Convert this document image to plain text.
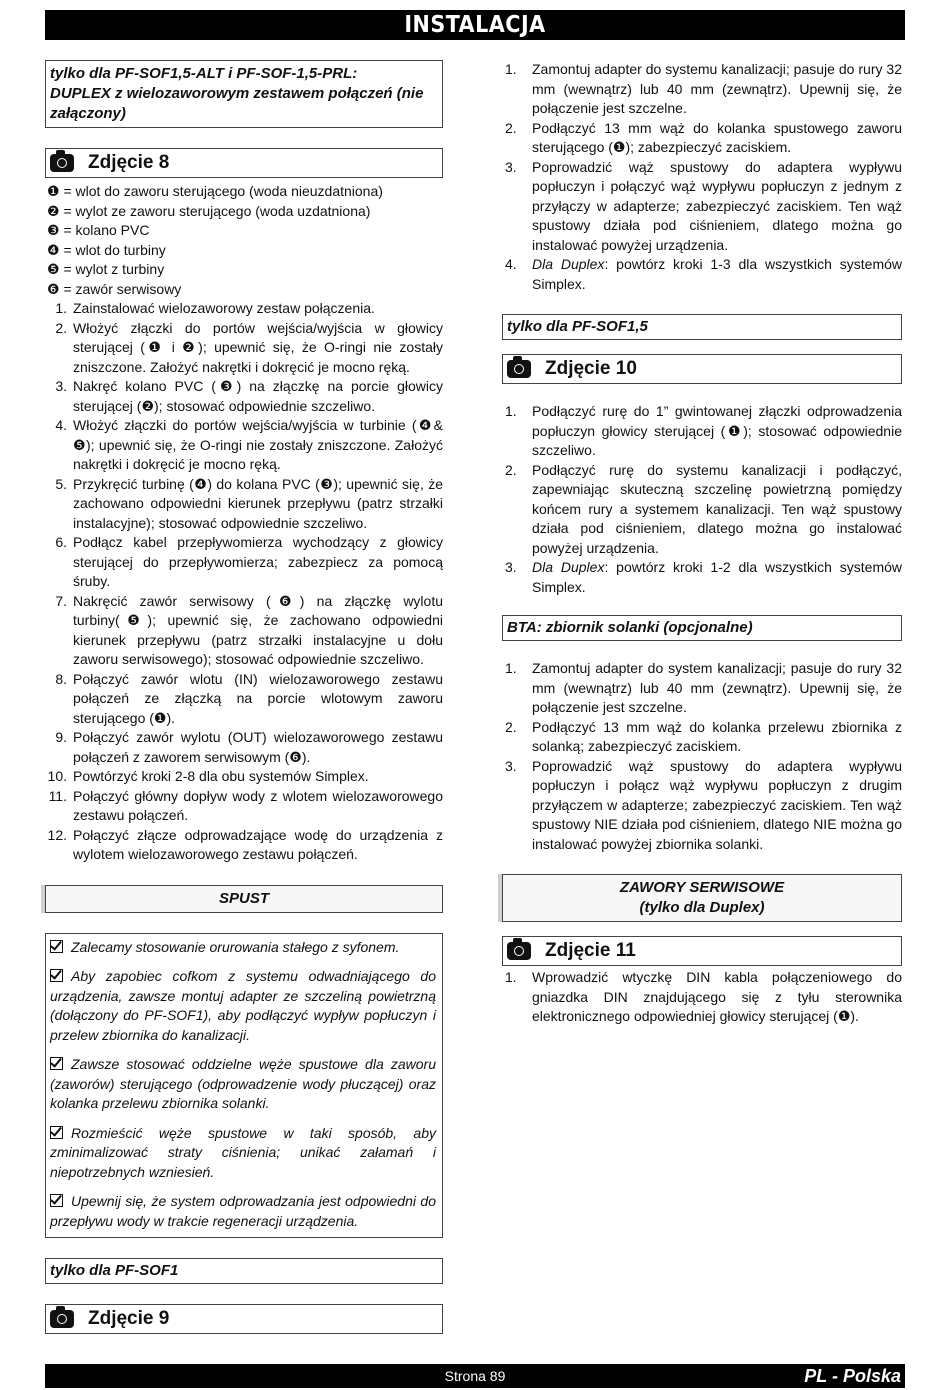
INSTALACJA
tylko dla PF-SOF1,5-ALT i PF-SOF-1,5-PRL:
DUPLEX z wielozaworowym zestawem połączeń (nie załączony)
Zdjęcie 8
❶ = wlot do zaworu sterującego (woda nieuzdatniona)
❷ = wylot ze zaworu sterującego (woda uzdatniona)
❸ = kolano PVC
❹ = wlot do turbiny
❺ = wylot z turbiny
❻ = zawór serwisowy
1. Zainstalować wielozaworowy zestaw połączenia.
2. Włożyć złączki do portów wejścia/wyjścia w głowicy sterującej (❶ i ❷); upewnić się, że O-ringi nie zostały zniszczone. Założyć nakrętki i dokręcić je mocno ręką.
3. Nakręć kolano PVC (❸) na złączkę na porcie głowicy sterującej (❷); stosować odpowiednie szczeliwo.
4. Włożyć złączki do portów wejścia/wyjścia w turbinie (❹& ❺); upewnić się, że O-ringi nie zostały zniszczone. Założyć nakrętki i dokręcić je mocno ręką.
5. Przykręcić turbinę (❹) do kolana PVC (❸); upewnić się, że zachowano odpowiedni kierunek przepływu (patrz strzałki instalacyjne); stosować odpowiednie szczeliwo.
6. Podłącz kabel przepływomierza wychodzący z głowicy sterującej do przepływomierza; zabezpiecz za pomocą śruby.
7. Nakręcić zawór serwisowy (❻) na złączkę wylotu turbiny(❺); upewnić się, że zachowano odpowiedni kierunek przepływu (patrz strzałki instalacyjne u dołu zaworu serwisowego); stosować odpowiednie szczeliwo.
8. Połączyć zawór wlotu (IN) wielozaworowego zestawu połączeń ze złączką na porcie wlotowym zaworu sterującego (❶).
9. Połączyć zawór wylotu (OUT) wielozaworowego zestawu połączeń z zaworem serwisowym (❻).
10. Powtórzyć kroki 2-8 dla obu systemów Simplex.
11. Połączyć główny dopływ wody z wlotem wielozaworowego zestawu połączeń.
12. Połączyć złącze odprowadzające wodę do urządzenia z wylotem wielozaworowego zestawu połączeń.
SPUST
Zalecamy stosowanie orurowania stałego z syfonem.
Aby zapobiec cofkom z systemu odwadniającego do urządzenia, zawsze montuj adapter ze szczeliną powietrzną (dołączony do PF-SOF1), aby podłączyć wypływ popłuczyn i przelew zbiornika do kanalizacji.
Zawsze stosować oddzielne węże spustowe dla zaworu (zaworów) sterującego (odprowadzenie wody płuczącej) oraz kolanka przelewu zbiornika solanki.
Rozmieścić węże spustowe w taki sposób, aby zminimalizować straty ciśnienia; unikać załamań i niepotrzebnych wzniesień.
Upewnij się, że system odprowadzania jest odpowiedni do przepływu wody w trakcie regeneracji urządzenia.
tylko dla PF-SOF1
Zdjęcie 9
1. Zamontuj adapter do systemu kanalizacji; pasuje do rury 32 mm (wewnątrz) lub 40 mm (zewnątrz). Upewnij się, że połączenie jest szczelne.
2. Podłączyć 13 mm wąż do kolanka spustowego zaworu sterującego (❶); zabezpieczyć zaciskiem.
3. Poprowadzić wąż spustowy do adaptera wypływu popłuczyn i połączyć wąż wypływu popłuczyn z jednym z przyłączy w adapterze; zabezpieczyć zaciskiem. Ten wąż spustowy działa pod ciśnieniem, dlatego można go instalować powyżej urządzenia.
4. Dla Duplex: powtórz kroki 1-3 dla wszystkich systemów Simplex.
tylko dla PF-SOF1,5
Zdjęcie 10
1. Podłączyć rurę do 1” gwintowanej złączki odprowadzenia popłuczyn głowicy sterującej (❶); stosować odpowiednie szczeliwo.
2. Podłączyć rurę do systemu kanalizacji i podłączyć, zapewniając skuteczną szczelinę powietrzną pomiędzy końcem rury a systemem kanalizacji. Ten wąż spustowy działa pod ciśnieniem, dlatego można go instalować powyżej urządzenia.
3. Dla Duplex: powtórz kroki 1-2 dla wszystkich systemów Simplex.
BTA: zbiornik solanki (opcjonalne)
1. Zamontuj adapter do system kanalizacji; pasuje do rury 32 mm (wewnątrz) lub 40 mm (zewnątrz). Upewnij się, że połączenie jest szczelne.
2. Podłączyć 13 mm wąż do kolanka przelewu zbiornika z solanką; zabezpieczyć zaciskiem.
3. Poprowadzić wąż spustowy do adaptera wypływu popłuczyn i połącz wąż wypływu popłuczyn z drugim przyłączem w adapterze; zabezpieczyć zaciskiem. Ten wąż spustowy NIE działa pod ciśnieniem, dlatego NIE można go instalować powyżej zbiornika solanki.
ZAWORY SERWISOWE
(tylko dla Duplex)
Zdjęcie 11
1. Wprowadzić wtyczkę DIN kabla połączeniowego do gniazdka DIN znajdującego się z tyłu sterownika elektronicznego odpowiedniej głowicy sterującej (❶).
Strona 89	PL - Polska
